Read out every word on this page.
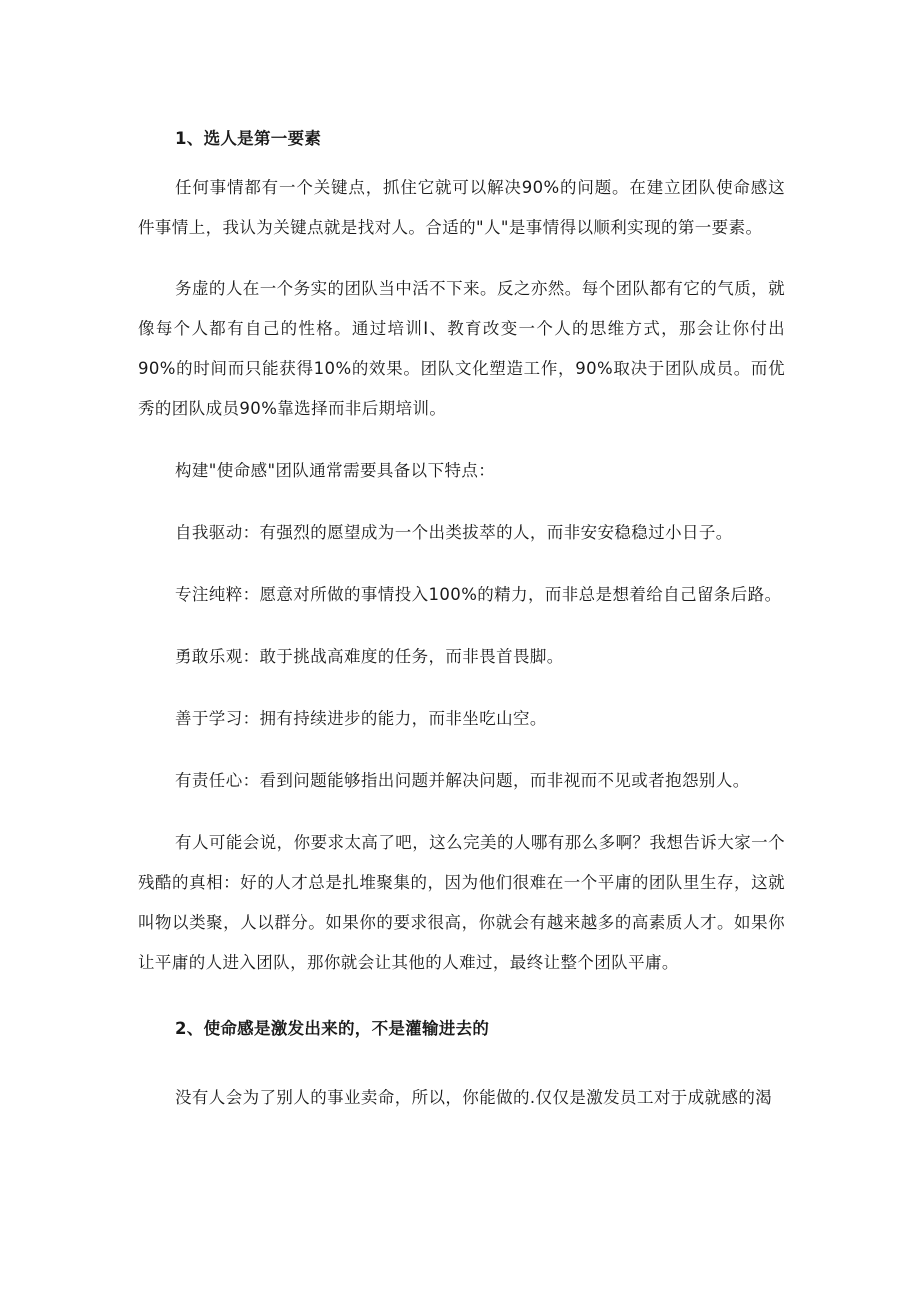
1、选人是第一要素

任何事情都有一个关键点，抓住它就可以解决90%的问题。在建立团队使命感这件事情上，我认为关键点就是找对人。合适的"人"是事情得以顺利实现的第一要素。

务虚的人在一个务实的团队当中活不下来。反之亦然。每个团队都有它的气质，就像每个人都有自己的性格。通过培训Ⅰ、教育改变一个人的思维方式，那会让你付出90%的时间而只能获得10%的效果。团队文化塑造工作，90%取决于团队成员。而优秀的团队成员90%靠选择而非后期培训。

构建"使命感"团队通常需要具备以下特点：

自我驱动：有强烈的愿望成为一个出类拔萃的人，而非安安稳稳过小日子。

专注纯粹：愿意对所做的事情投入100%的精力，而非总是想着给自己留条后路。

勇敢乐观：敢于挑战高难度的任务，而非畏首畏脚。

善于学习：拥有持续进步的能力，而非坐吃山空。

有责任心：看到问题能够指出问题并解决问题，而非视而不见或者抱怨别人。

有人可能会说，你要求太高了吧，这么完美的人哪有那么多啊？我想告诉大家一个残酷的真相：好的人才总是扎堆聚集的，因为他们很难在一个平庸的团队里生存，这就叫物以类聚，人以群分。如果你的要求很高，你就会有越来越多的高素质人才。如果你让平庸的人进入团队，那你就会让其他的人难过，最终让整个团队平庸。

2、使命感是激发出来的，不是灌输进去的

没有人会为了别人的事业卖命，所以，你能做的.仅仅是激发员工对于成就感的渴
